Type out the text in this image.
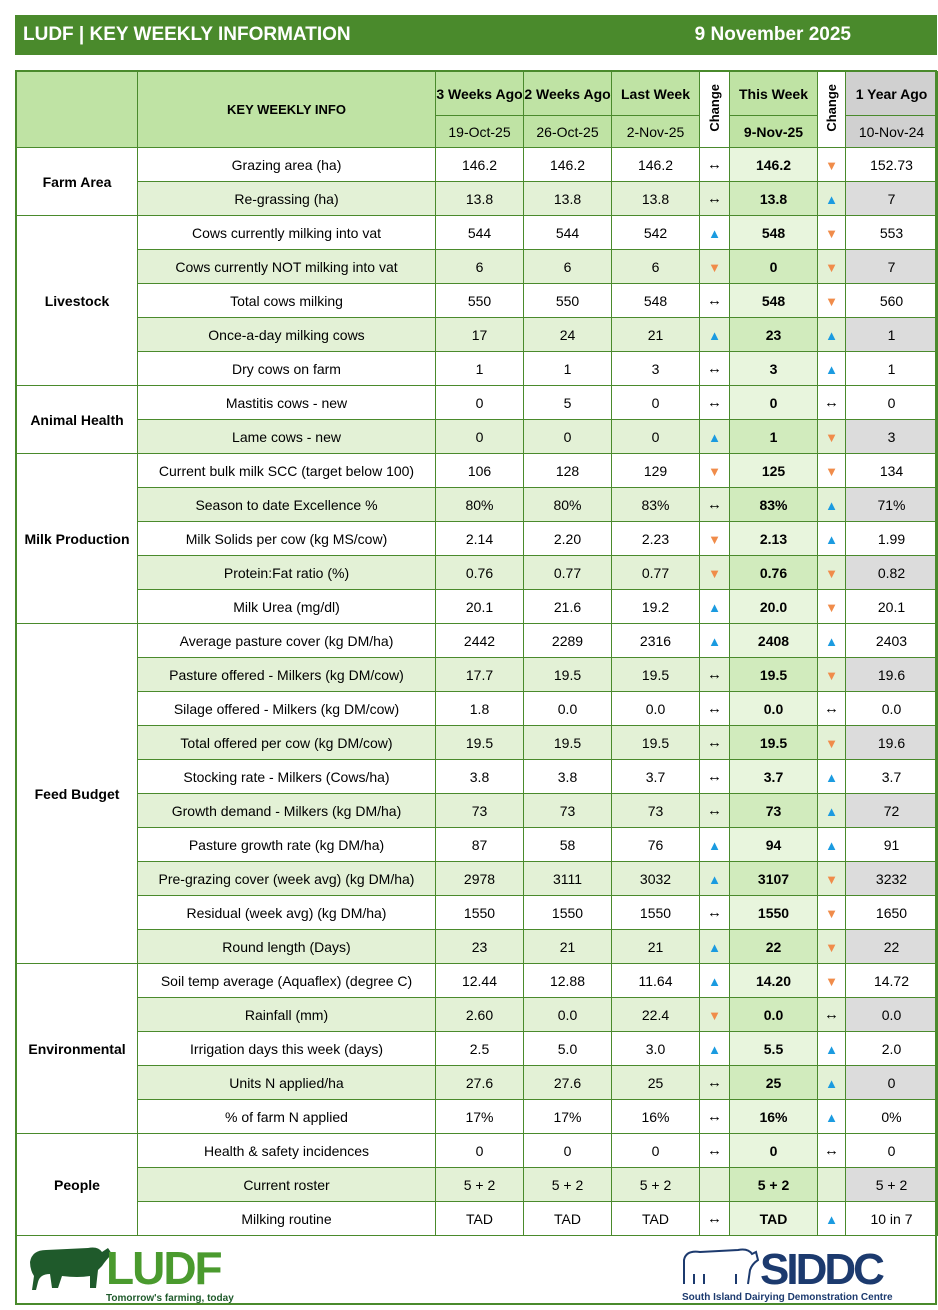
LUDF | KEY WEEKLY INFORMATION	9 November 2025
	KEY WEEKLY INFO	3 Weeks Ago	2 Weeks Ago	Last Week	Change	This Week	Change	1 Year Ago
		19-Oct-25	26-Oct-25	2-Nov-25		9-Nov-25		10-Nov-24
Farm Area	Grazing area (ha)	146.2	146.2	146.2	↔	146.2	▼	152.73
	Re-grassing (ha)	13.8	13.8	13.8	↔	13.8	▲	7
Livestock	Cows currently milking into vat	544	544	542	▲	548	▼	553
	Cows currently NOT milking into vat	6	6	6	▼	0	▼	7
	Total cows milking	550	550	548	↔	548	▼	560
	Once-a-day milking cows	17	24	21	▲	23	▲	1
	Dry cows on farm	1	1	3	↔	3	▲	1
Animal Health	Mastitis cows - new	0	5	0	↔	0	↔	0
	Lame cows - new	0	0	0	▲	1	▼	3
Milk Production	Current bulk milk SCC (target below 100)	106	128	129	▼	125	▼	134
	Season to date Excellence %	80%	80%	83%	↔	83%	▲	71%
	Milk Solids per cow (kg MS/cow)	2.14	2.20	2.23	▼	2.13	▲	1.99
	Protein:Fat ratio (%)	0.76	0.77	0.77	▼	0.76	▼	0.82
	Milk Urea (mg/dl)	20.1	21.6	19.2	▲	20.0	▼	20.1
Feed Budget	Average pasture cover (kg DM/ha)	2442	2289	2316	▲	2408	▲	2403
	Pasture offered - Milkers (kg DM/cow)	17.7	19.5	19.5	↔	19.5	▼	19.6
	Silage offered - Milkers (kg DM/cow)	1.8	0.0	0.0	↔	0.0	↔	0.0
	Total offered per cow (kg DM/cow)	19.5	19.5	19.5	↔	19.5	▼	19.6
	Stocking rate - Milkers (Cows/ha)	3.8	3.8	3.7	↔	3.7	▲	3.7
	Growth demand - Milkers (kg DM/ha)	73	73	73	↔	73	▲	72
	Pasture growth rate (kg DM/ha)	87	58	76	▲	94	▲	91
	Pre-grazing cover (week avg) (kg DM/ha)	2978	3111	3032	▲	3107	▼	3232
	Residual (week avg) (kg DM/ha)	1550	1550	1550	↔	1550	▼	1650
	Round length (Days)	23	21	21	▲	22	▼	22
Environmental	Soil temp average (Aquaflex) (degree C)	12.44	12.88	11.64	▲	14.20	▼	14.72
	Rainfall (mm)	2.60	0.0	22.4	▼	0.0	↔	0.0
	Irrigation days this week (days)	2.5	5.0	3.0	▲	5.5	▲	2.0
	Units N applied/ha	27.6	27.6	25	↔	25	▲	0
	% of farm N applied	17%	17%	16%	↔	16%	▲	0%
People	Health & safety incidences	0	0	0	↔	0	↔	0
	Current roster	5 + 2	5 + 2	5 + 2		5 + 2		5 + 2
	Milking routine	TAD	TAD	TAD	↔	TAD	▲	10 in 7
LUDF
Tomorrow's farming, today
SIDDC
South Island Dairying Demonstration Centre
